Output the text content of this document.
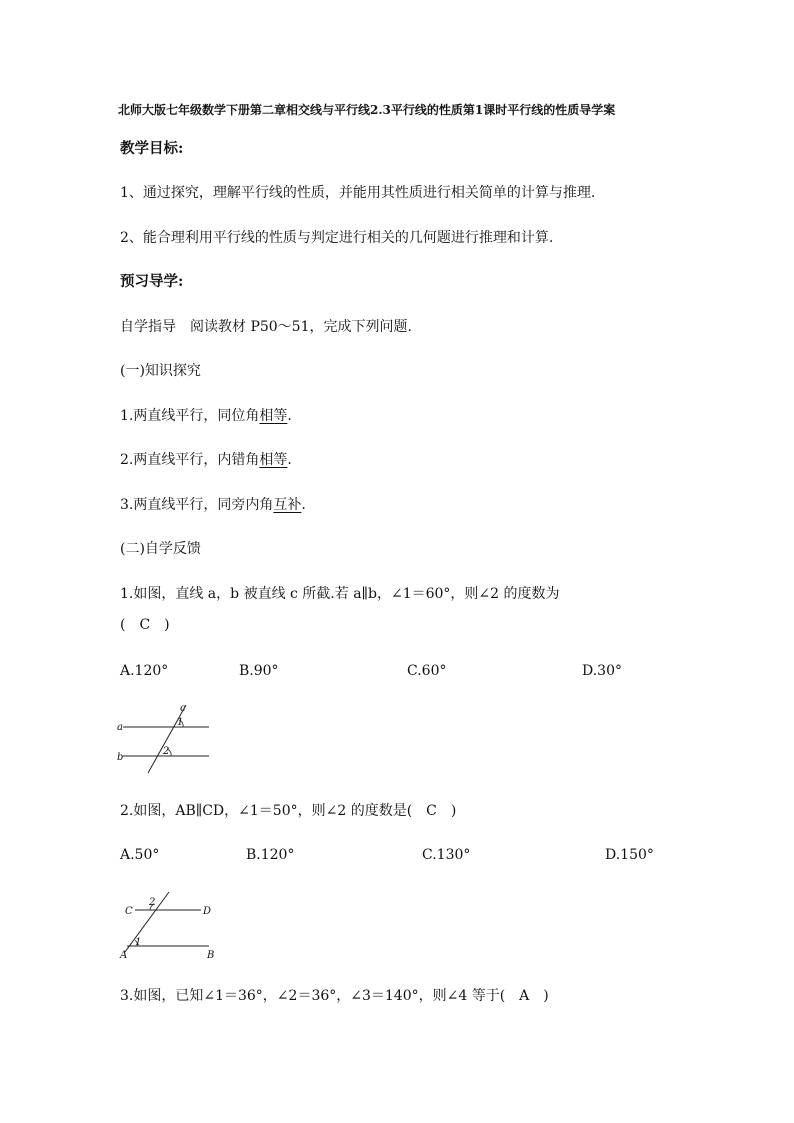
北师大版七年级数学下册第二章相交线与平行线2.3平行线的性质第1课时平行线的性质导学案
教学目标:
1、通过探究，理解平行线的性质，并能用其性质进行相关简单的计算与推理.
2、能合理利用平行线的性质与判定进行相关的几何题进行推理和计算.
预习导学:
自学指导　阅读教材 P50～51，完成下列问题.
(一)知识探究
1.两直线平行，同位角相等.
2.两直线平行，内错角相等.
3.两直线平行，同旁内角互补.
(二)自学反馈
1.如图，直线 a，b 被直线 c 所截.若 a∥b，∠1＝60°，则∠2 的度数为
(　C　)
A.120°	B.90°	C.60°	D.30°
a
b
c
1
2
2.如图，AB∥CD，∠1＝50°，则∠2 的度数是(　C　)
A.50°	B.120°	C.130°	D.150°
C	D
A	B
1
2
3.如图，已知∠1＝36°，∠2＝36°，∠3＝140°，则∠4 等于(　A　)
